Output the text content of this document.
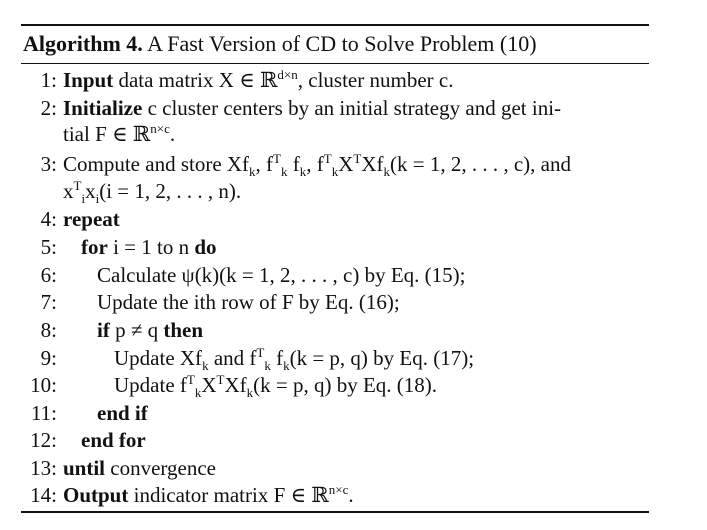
Algorithm 4. A Fast Version of CD to Solve Problem (10)
1: Input data matrix X ∈ ℝ$^{d\times n}$, cluster number c.
2: Initialize c cluster centers by an initial strategy and get ini-
tial F ∈ ℝ$^{n\times c}$.
3: Compute and store $Xf_k$, $f^T_k$ $f_k$, $f^T_kX^TXf_k(k = 1$, 2, . . . , c), and
$x^T_ix_i(i = 1$, 2, . . . , n).
4: repeat
5: for i = 1 to n do
6: Calculate ψ(k)(k = 1, 2, . . . , c) by Eq. (15);
7: Update the ith row of F by Eq. (16);
8: if p ≠ q then
9:	Update $Xf_k$ and $f^T_k$ $f_k(k = p$, q) by Eq. (17);
10:	Update $f^T_kX^TXf_k(k = p$, q) by Eq. (18).
11: end if
12: end for
13: until convergence
14: Output indicator matrix F ∈ ℝ$^{n\times c}$.
